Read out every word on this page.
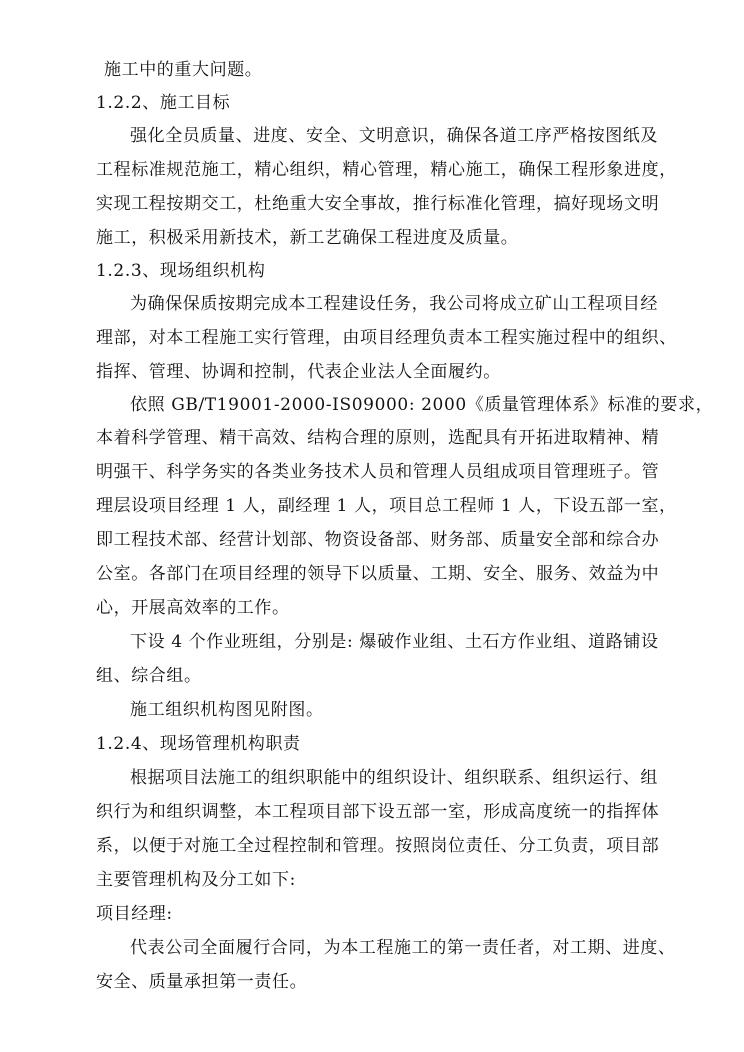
施工中的重大问题。
1.2.2、施工目标
强化全员质量、进度、安全、文明意识，确保各道工序严格按图纸及
工程标准规范施工，精心组织，精心管理，精心施工，确保工程形象进度，
实现工程按期交工，杜绝重大安全事故，推行标准化管理，搞好现场文明
施工，积极采用新技术，新工艺确保工程进度及质量。
1.2.3、现场组织机构
为确保保质按期完成本工程建设任务，我公司将成立矿山工程项目经
理部，对本工程施工实行管理，由项目经理负责本工程实施过程中的组织、
指挥、管理、协调和控制，代表企业法人全面履约。
依照 GB/T19001-2000-IS09000: 2000《质量管理体系》标准的要求，
本着科学管理、精干高效、结构合理的原则，选配具有开拓进取精神、精
明强干、科学务实的各类业务技术人员和管理人员组成项目管理班子。管
理层设项目经理 1 人，副经理 1 人，项目总工程师 1 人，下设五部一室，
即工程技术部、经营计划部、物资设备部、财务部、质量安全部和综合办
公室。各部门在项目经理的领导下以质量、工期、安全、服务、效益为中
心，开展高效率的工作。
下设 4 个作业班组，分别是: 爆破作业组、土石方作业组、道路铺设
组、综合组。
施工组织机构图见附图。
1.2.4、现场管理机构职责
根据项目法施工的组织职能中的组织设计、组织联系、组织运行、组
织行为和组织调整，本工程项目部下设五部一室，形成高度统一的指挥体
系，以便于对施工全过程控制和管理。按照岗位责任、分工负责，项目部
主要管理机构及分工如下:
项目经理:
代表公司全面履行合同，为本工程施工的第一责任者，对工期、进度、
安全、质量承担第一责任。
